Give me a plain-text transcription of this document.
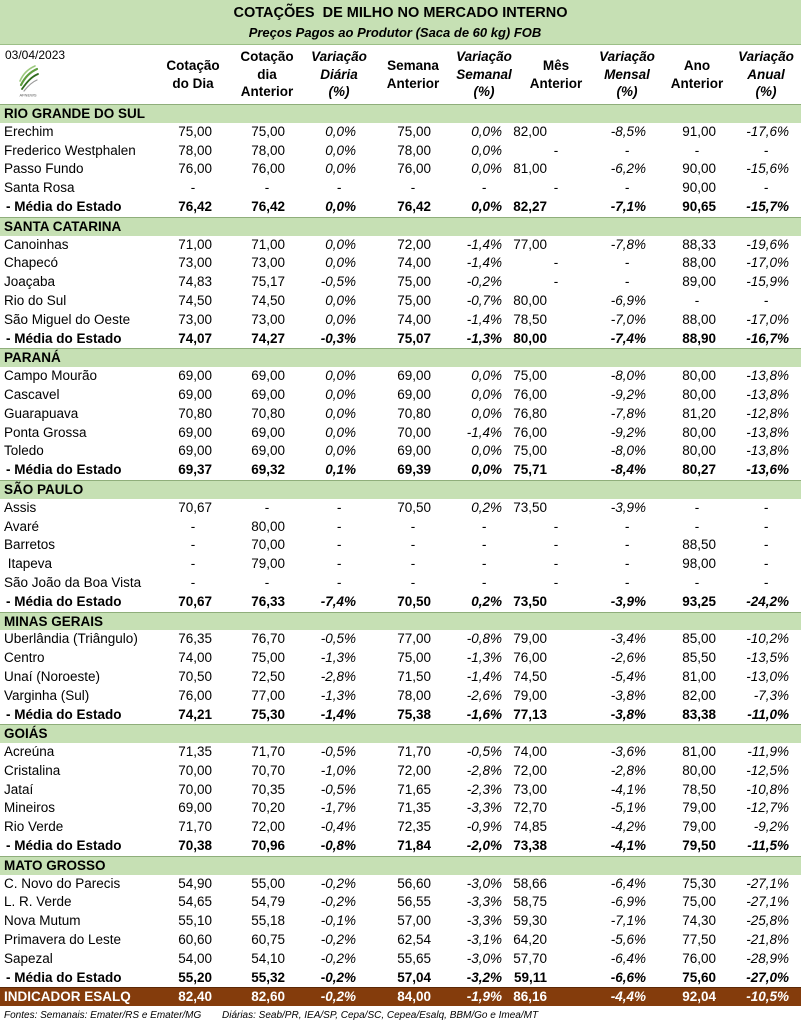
COTAÇÕES  DE MILHO NO MERCADO INTERNO
Preços Pagos ao Produtor (Saca de 60 kg) FOB
03/04/2023
AFNEWS
Cotação
do Dia
Cotação
dia
Anterior
Variação
Diária
(%)
Semana
Anterior
Variação
Semanal
(%)
Mês
Anterior
Variação
Mensal
(%)
Ano
Anterior
Variação
Anual
(%)
RIO GRANDE DO SUL
Erechim	75,00	75,00	0,0%	75,00	0,0% 82,00	-8,5%	91,00 -17,6%
Frederico Westphalen	78,00	78,00	0,0%	78,00	0,0%	-	-	-	-
Passo Fundo	76,00	76,00	0,0%	76,00	0,0% 81,00	-6,2%	90,00 -15,6%
Santa Rosa	-	-	-	-	-	-	-	90,00	-
- Média do Estado	76,42	76,42	0,0%	76,42	0,0% 82,27	-7,1%	90,65 -15,7%
SANTA CATARINA
Canoinhas	71,00	71,00	0,0%	72,00	-1,4% 77,00	-7,8%	88,33 -19,6%
Chapecó	73,00	73,00	0,0%	74,00	-1,4%	-	-	88,00 -17,0%
Joaçaba	74,83	75,17	-0,5%	75,00	-0,2%	-	-	89,00 -15,9%
Rio do Sul	74,50	74,50	0,0%	75,00	-0,7% 80,00	-6,9%	-	-
São Miguel do Oeste	73,00	73,00	0,0%	74,00	-1,4% 78,50	-7,0%	88,00 -17,0%
- Média do Estado	74,07	74,27	-0,3%	75,07	-1,3% 80,00	-7,4%	88,90 -16,7%
PARANÁ
Campo Mourão	69,00	69,00	0,0%	69,00	0,0% 75,00	-8,0%	80,00 -13,8%
Cascavel	69,00	69,00	0,0%	69,00	0,0% 76,00	-9,2%	80,00 -13,8%
Guarapuava	70,80	70,80	0,0%	70,80	0,0% 76,80	-7,8%	81,20 -12,8%
Ponta Grossa	69,00	69,00	0,0%	70,00	-1,4% 76,00	-9,2%	80,00 -13,8%
Toledo	69,00	69,00	0,0%	69,00	0,0% 75,00	-8,0%	80,00 -13,8%
- Média do Estado	69,37	69,32	0,1%	69,39	0,0% 75,71	-8,4%	80,27 -13,6%
SÃO PAULO
Assis	70,67	-	-	70,50	0,2% 73,50	-3,9%	-	-
Avaré	-	80,00	-	-	-	-	-	-	-
Barretos	-	70,00	-	-	-	-	-	88,50	-
Itapeva	-	79,00	-	-	-	-	-	98,00	-
São João da Boa Vista	-	-	-	-	-	-	-	-	-
- Média do Estado	70,67	76,33	-7,4%	70,50	0,2% 73,50	-3,9%	93,25 -24,2%
MINAS GERAIS
Uberlândia (Triângulo)	76,35	76,70	-0,5%	77,00	-0,8% 79,00	-3,4%	85,00 -10,2%
Centro	74,00	75,00	-1,3%	75,00	-1,3% 76,00	-2,6%	85,50 -13,5%
Unaí (Noroeste)	70,50	72,50	-2,8%	71,50	-1,4% 74,50	-5,4%	81,00 -13,0%
Varginha (Sul)	76,00	77,00	-1,3%	78,00	-2,6% 79,00	-3,8%	82,00	-7,3%
- Média do Estado	74,21	75,30	-1,4%	75,38	-1,6% 77,13	-3,8%	83,38 -11,0%
GOIÁS
Acreúna	71,35	71,70	-0,5%	71,70	-0,5% 74,00	-3,6%	81,00 -11,9%
Cristalina	70,00	70,70	-1,0%	72,00	-2,8% 72,00	-2,8%	80,00 -12,5%
Jataí	70,00	70,35	-0,5%	71,65	-2,3% 73,00	-4,1%	78,50 -10,8%
Mineiros	69,00	70,20	-1,7%	71,35	-3,3% 72,70	-5,1%	79,00 -12,7%
Rio Verde	71,70	72,00	-0,4%	72,35	-0,9% 74,85	-4,2%	79,00	-9,2%
- Média do Estado	70,38	70,96	-0,8%	71,84	-2,0% 73,38	-4,1%	79,50 -11,5%
MATO GROSSO
C. Novo do Parecis	54,90	55,00	-0,2%	56,60	-3,0% 58,66	-6,4%	75,30 -27,1%
L. R. Verde	54,65	54,79	-0,2%	56,55	-3,3% 58,75	-6,9%	75,00 -27,1%
Nova Mutum	55,10	55,18	-0,1%	57,00	-3,3% 59,30	-7,1%	74,30 -25,8%
Primavera do Leste	60,60	60,75	-0,2%	62,54	-3,1% 64,20	-5,6%	77,50 -21,8%
Sapezal	54,00	54,10	-0,2%	55,65	-3,0% 57,70	-6,4%	76,00 -28,9%
- Média do Estado	55,20	55,32	-0,2%	57,04	-3,2% 59,11	-6,6%	75,60 -27,0%
INDICADOR ESALQ	82,40	82,60	-0,2%	84,00	-1,9% 86,16	-4,4%	92,04 -10,5%
Fontes: Semanais: Emater/RS e Emater/MG Diárias: Seab/PR, IEA/SP, Cepa/SC, Cepea/Esalq, BBM/Go e Imea/MT
